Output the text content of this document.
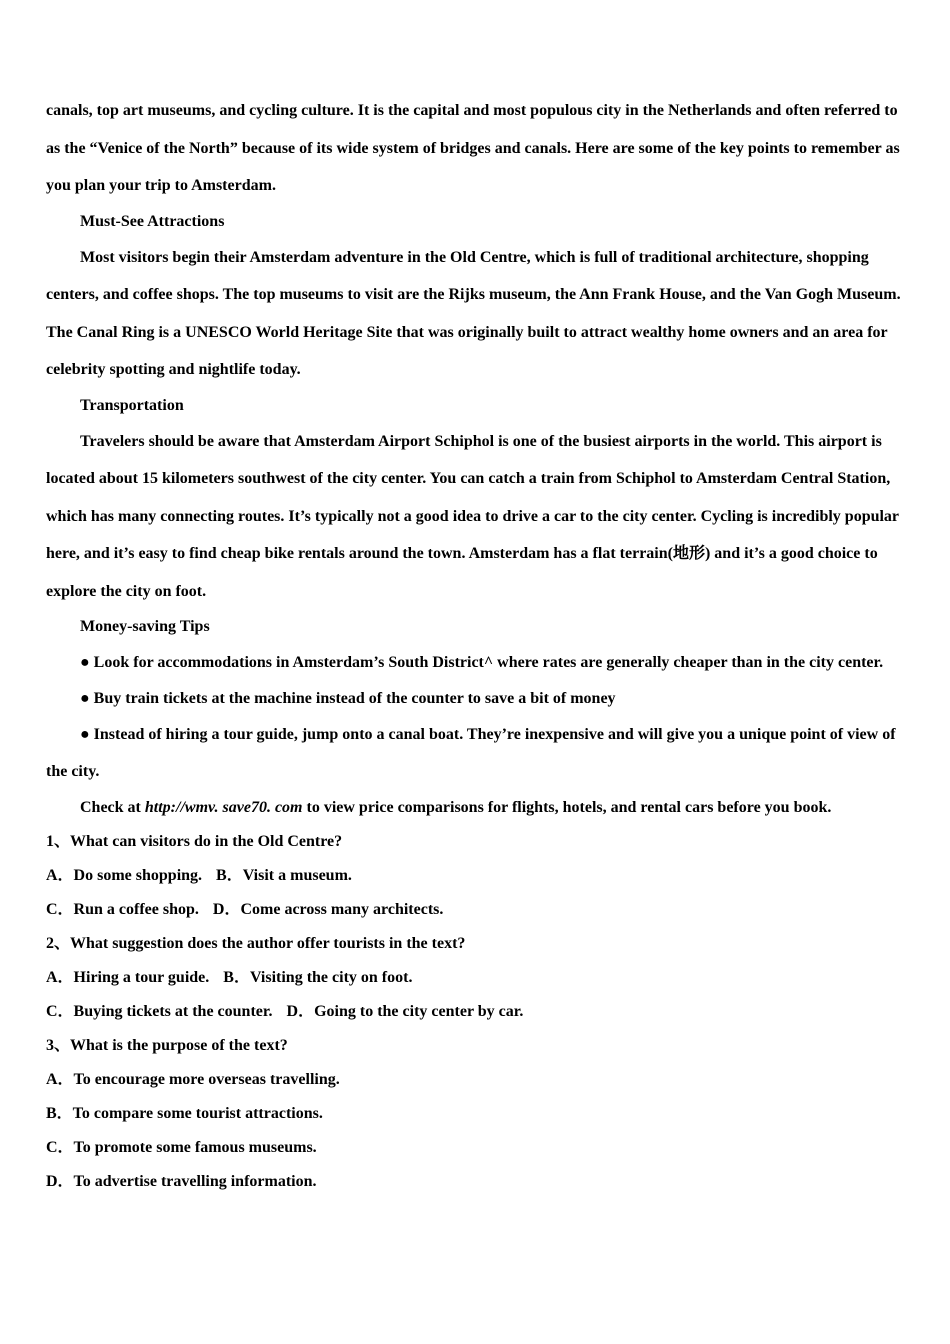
canals, top art museums, and cycling culture. It is the capital and most populous city in the Netherlands and often referred to as the “Venice of the North” because of its wide system of bridges and canals. Here are some of the key points to remember as you plan your trip to Amsterdam.

Must-See Attractions

Most visitors begin their Amsterdam adventure in the Old Centre, which is full of traditional architecture, shopping centers, and coffee shops. The top museums to visit are the Rijks museum, the Ann Frank House, and the Van Gogh Museum. The Canal Ring is a UNESCO World Heritage Site that was originally built to attract wealthy home owners and an area for celebrity spotting and nightlife today.

Transportation

Travelers should be aware that Amsterdam Airport Schiphol is one of the busiest airports in the world. This airport is located about 15 kilometers southwest of the city center. You can catch a train from Schiphol to Amsterdam Central Station, which has many connecting routes. It’s typically not a good idea to drive a car to the city center. Cycling is incredibly popular here, and it’s easy to find cheap bike rentals around the town. Amsterdam has a flat terrain(地形) and it’s a good choice to explore the city on foot.

Money-saving Tips

● Look for accommodations in Amsterdam’s South District^ where rates are generally cheaper than in the city center.

● Buy train tickets at the machine instead of the counter to save a bit of money

● Instead of hiring a tour guide, jump onto a canal boat. They’re inexpensive and will give you a unique point of view of the city.

Check at http://wmv. save70. com to view price comparisons for flights, hotels, and rental cars before you book.

1、What can visitors do in the Old Centre?

A．Do some shopping. B．Visit a museum.

C．Run a coffee shop. D．Come across many architects.

2、What suggestion does the author offer tourists in the text?

A．Hiring a tour guide. B．Visiting the city on foot.

C．Buying tickets at the counter. D．Going to the city center by car.

3、What is the purpose of the text?

A．To encourage more overseas travelling.

B．To compare some tourist attractions.

C．To promote some famous museums.

D．To advertise travelling information.
